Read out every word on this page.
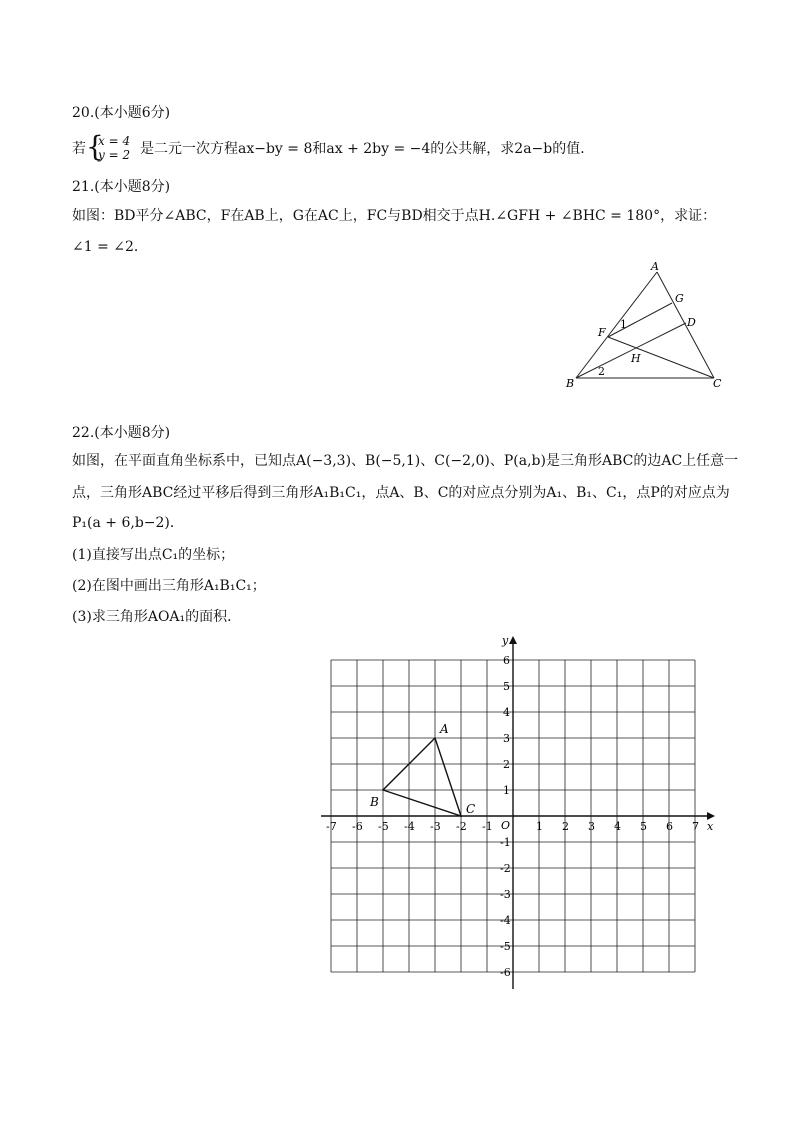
20.(本小题6分)
若 {
x = 4
y = 2 是二元一次方程ax−by = 8和ax + 2by = −4的公共解，求2a−b的值．
21.(本小题8分)
如图：BD平分∠ABC，F在AB上，G在AC上，FC与BD相交于点H.∠GFH + ∠BHC = 180°，求证：
∠1 = ∠2．
A
G
D
F
1
H
2
B	C
22.(本小题8分)
如图，在平面直角坐标系中，已知点A(−3,3)、B(−5,1)、C(−2,0)、P(a,b)是三角形ABC的边AC上任意一
点，三角形ABC经过平移后得到三角形A₁B₁C₁，点A、B、C的对应点分别为A₁、B₁、C₁，点P的对应点为
P₁(a + 6,b−2)．
(1)直接写出点C₁的坐标；
(2)在图中画出三角形A₁B₁C₁；
(3)求三角形AOA₁的面积．
x
y
O
-7 -6 -5 -4 -3 -2 -1	1 2 3 4 5 6 7
6
5
4
3
2
1
-1
-2
-3
-4
-5
-6
A
B	C
